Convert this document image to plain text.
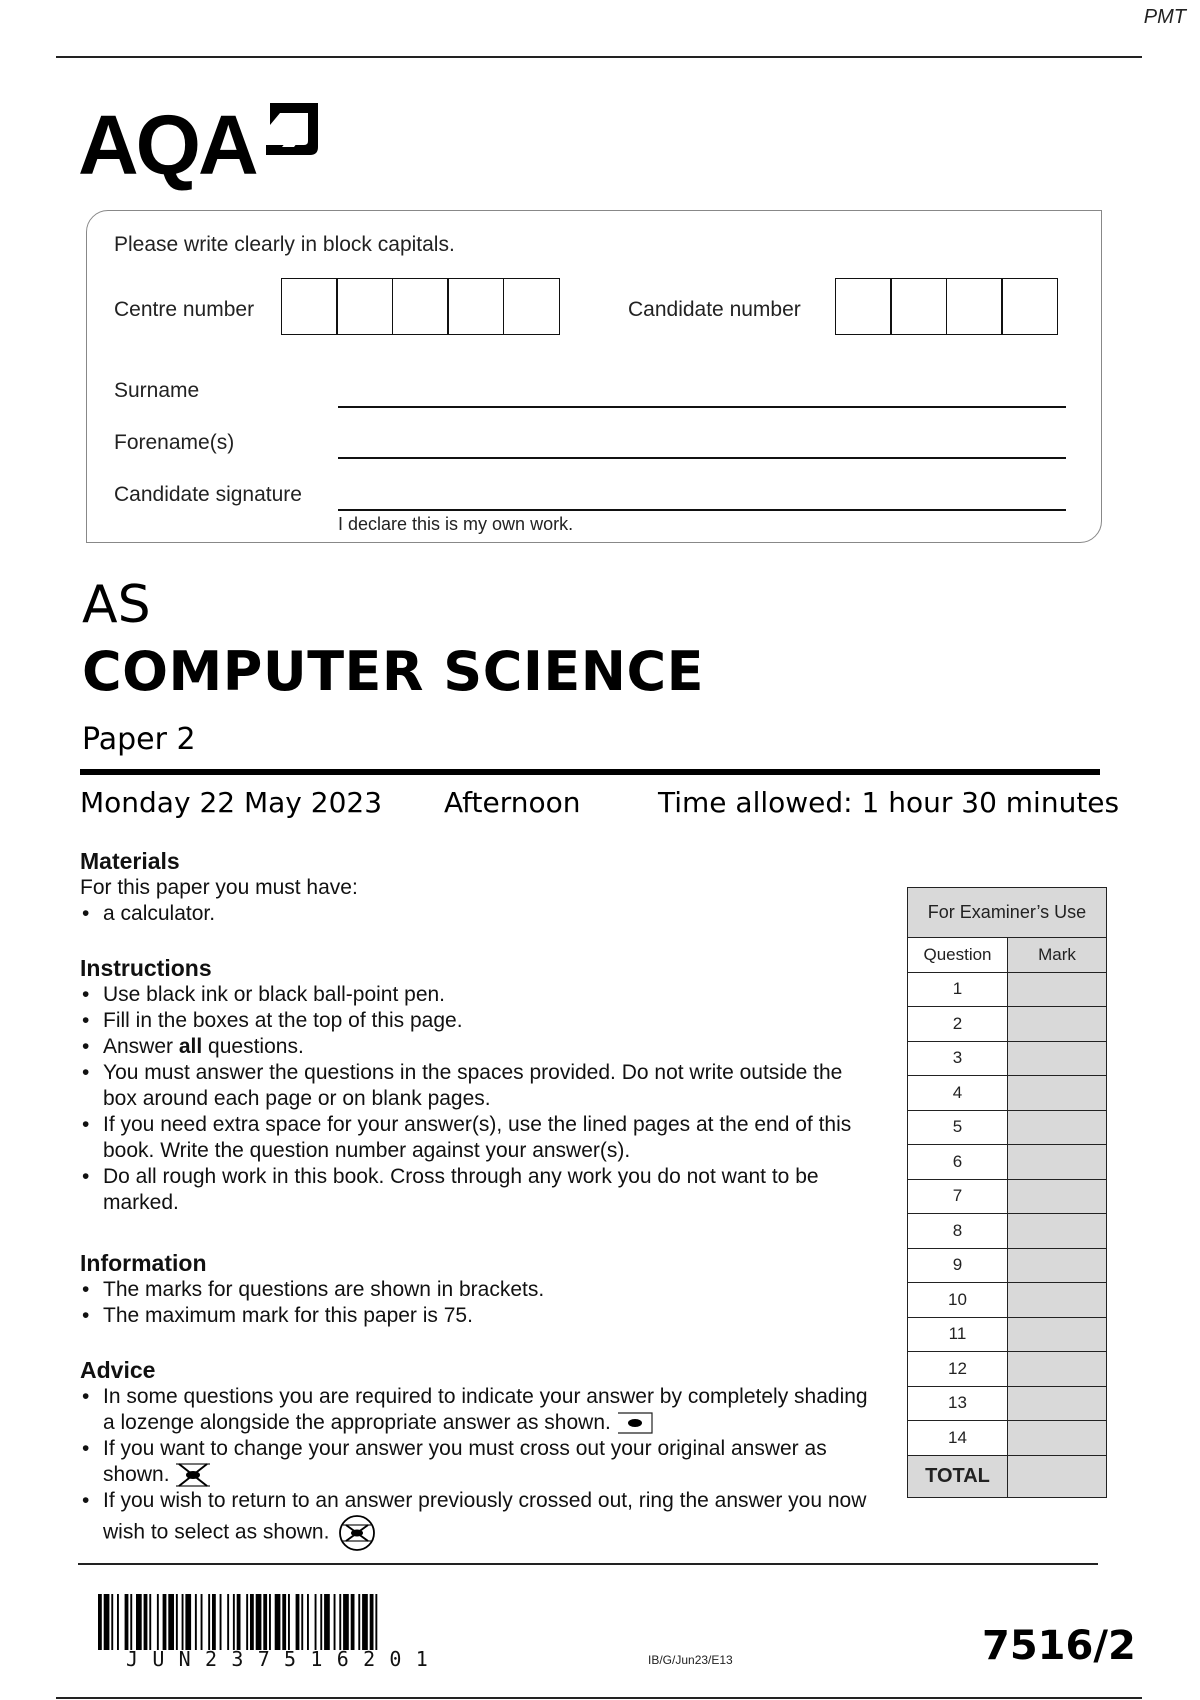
PMT
AQA
Please write clearly in block capitals.
Centre number	Candidate number
Surname
Forename(s)
Candidate signature
I declare this is my own work.
AS
COMPUTER SCIENCE
Paper 2
Monday 22 May 2023 Afternoon	Time allowed: 1 hour 30 minutes
Materials
For this paper you must have:
• a calculator.
Instructions
• Use black ink or black ball-point pen.
• Fill in the boxes at the top of this page.
• Answer all questions.
• You must answer the questions in the spaces provided. Do not write outside the box around each page or on blank pages.
• If you need extra space for your answer(s), use the lined pages at the end of this book. Write the question number against your answer(s).
• Do all rough work in this book. Cross through any work you do not want to be marked.
Information
• The marks for questions are shown in brackets.
• The maximum mark for this paper is 75.
Advice
• In some questions you are required to indicate your answer by completely shading a lozenge alongside the appropriate answer as shown.
• If you want to change your answer you must cross out your original answer as shown.
• If you wish to return to an answer previously crossed out, ring the answer you now wish to select as shown.
For Examiner’s Use	
Question	Mark
1	
2	
3	
4	
5	
6	
7	
8	
9	
10	
11	
12	
13	
14	
TOTAL	
JUN237516201	IB/G/Jun23/E13	7516/2
